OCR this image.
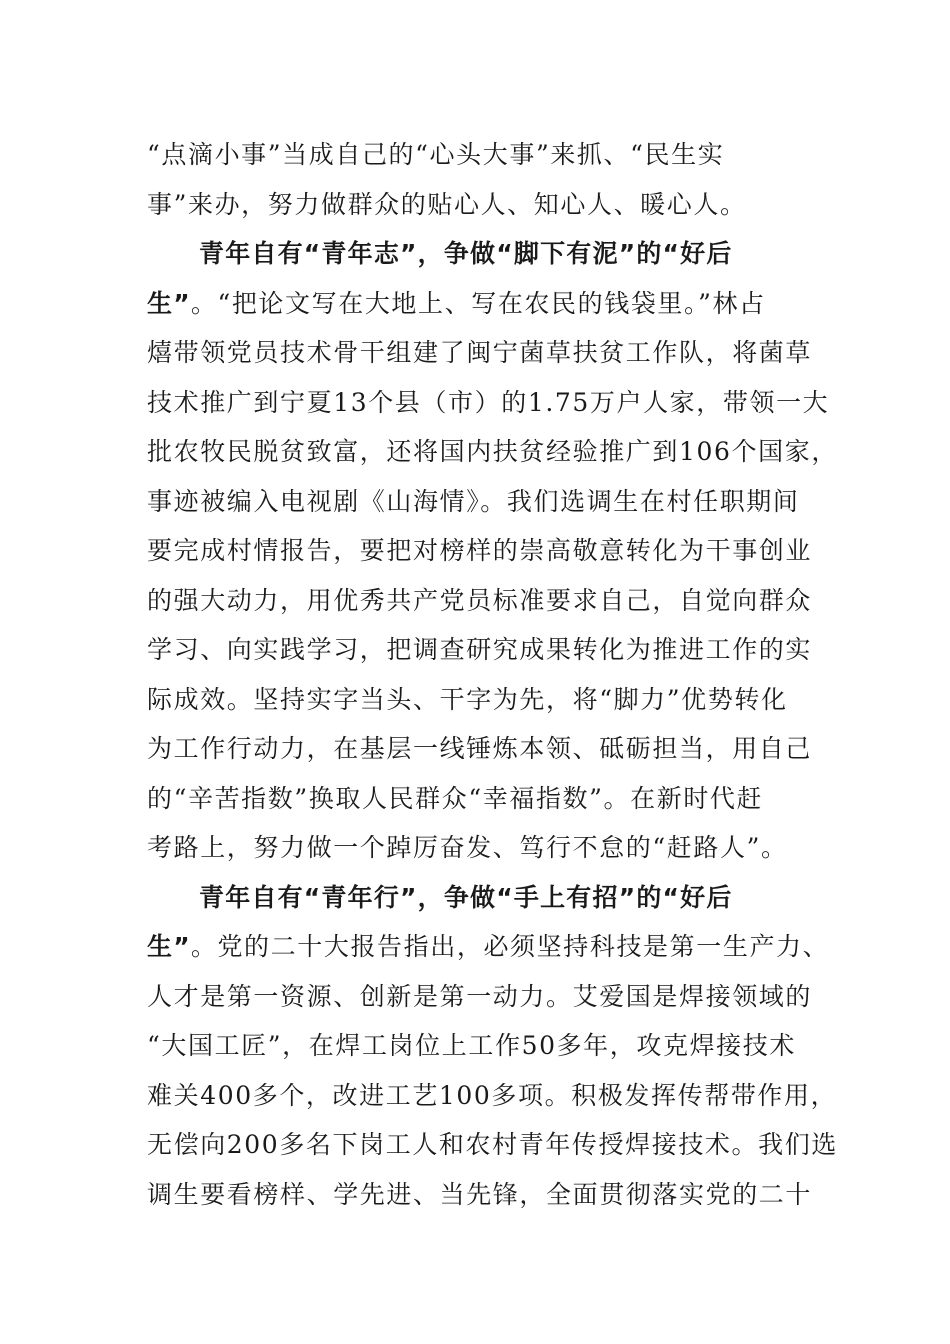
“点滴小事”当成自己的“心头大事”来抓、“民生实
事”来办，努力做群众的贴心人、知心人、暖心人。
青年自有“青年志”，争做“脚下有泥”的“好后
生”。“把论文写在大地上、写在农民的钱袋里。”林占
熺带领党员技术骨干组建了闽宁菌草扶贫工作队，将菌草
技术推广到宁夏13个县（市）的1.75万户人家，带领一大
批农牧民脱贫致富，还将国内扶贫经验推广到106个国家，
事迹被编入电视剧《山海情》。我们选调生在村任职期间
要完成村情报告，要把对榜样的崇高敬意转化为干事创业
的强大动力，用优秀共产党员标准要求自己，自觉向群众
学习、向实践学习，把调查研究成果转化为推进工作的实
际成效。坚持实字当头、干字为先，将“脚力”优势转化
为工作行动力，在基层一线锤炼本领、砥砺担当，用自己
的“辛苦指数”换取人民群众“幸福指数”。在新时代赶
考路上，努力做一个踔厉奋发、笃行不怠的“赶路人”。
青年自有“青年行”，争做“手上有招”的“好后
生”。党的二十大报告指出，必须坚持科技是第一生产力、
人才是第一资源、创新是第一动力。艾爱国是焊接领域的
“大国工匠”，在焊工岗位上工作50多年，攻克焊接技术
难关400多个，改进工艺100多项。积极发挥传帮带作用，
无偿向200多名下岗工人和农村青年传授焊接技术。我们选
调生要看榜样、学先进、当先锋，全面贯彻落实党的二十
